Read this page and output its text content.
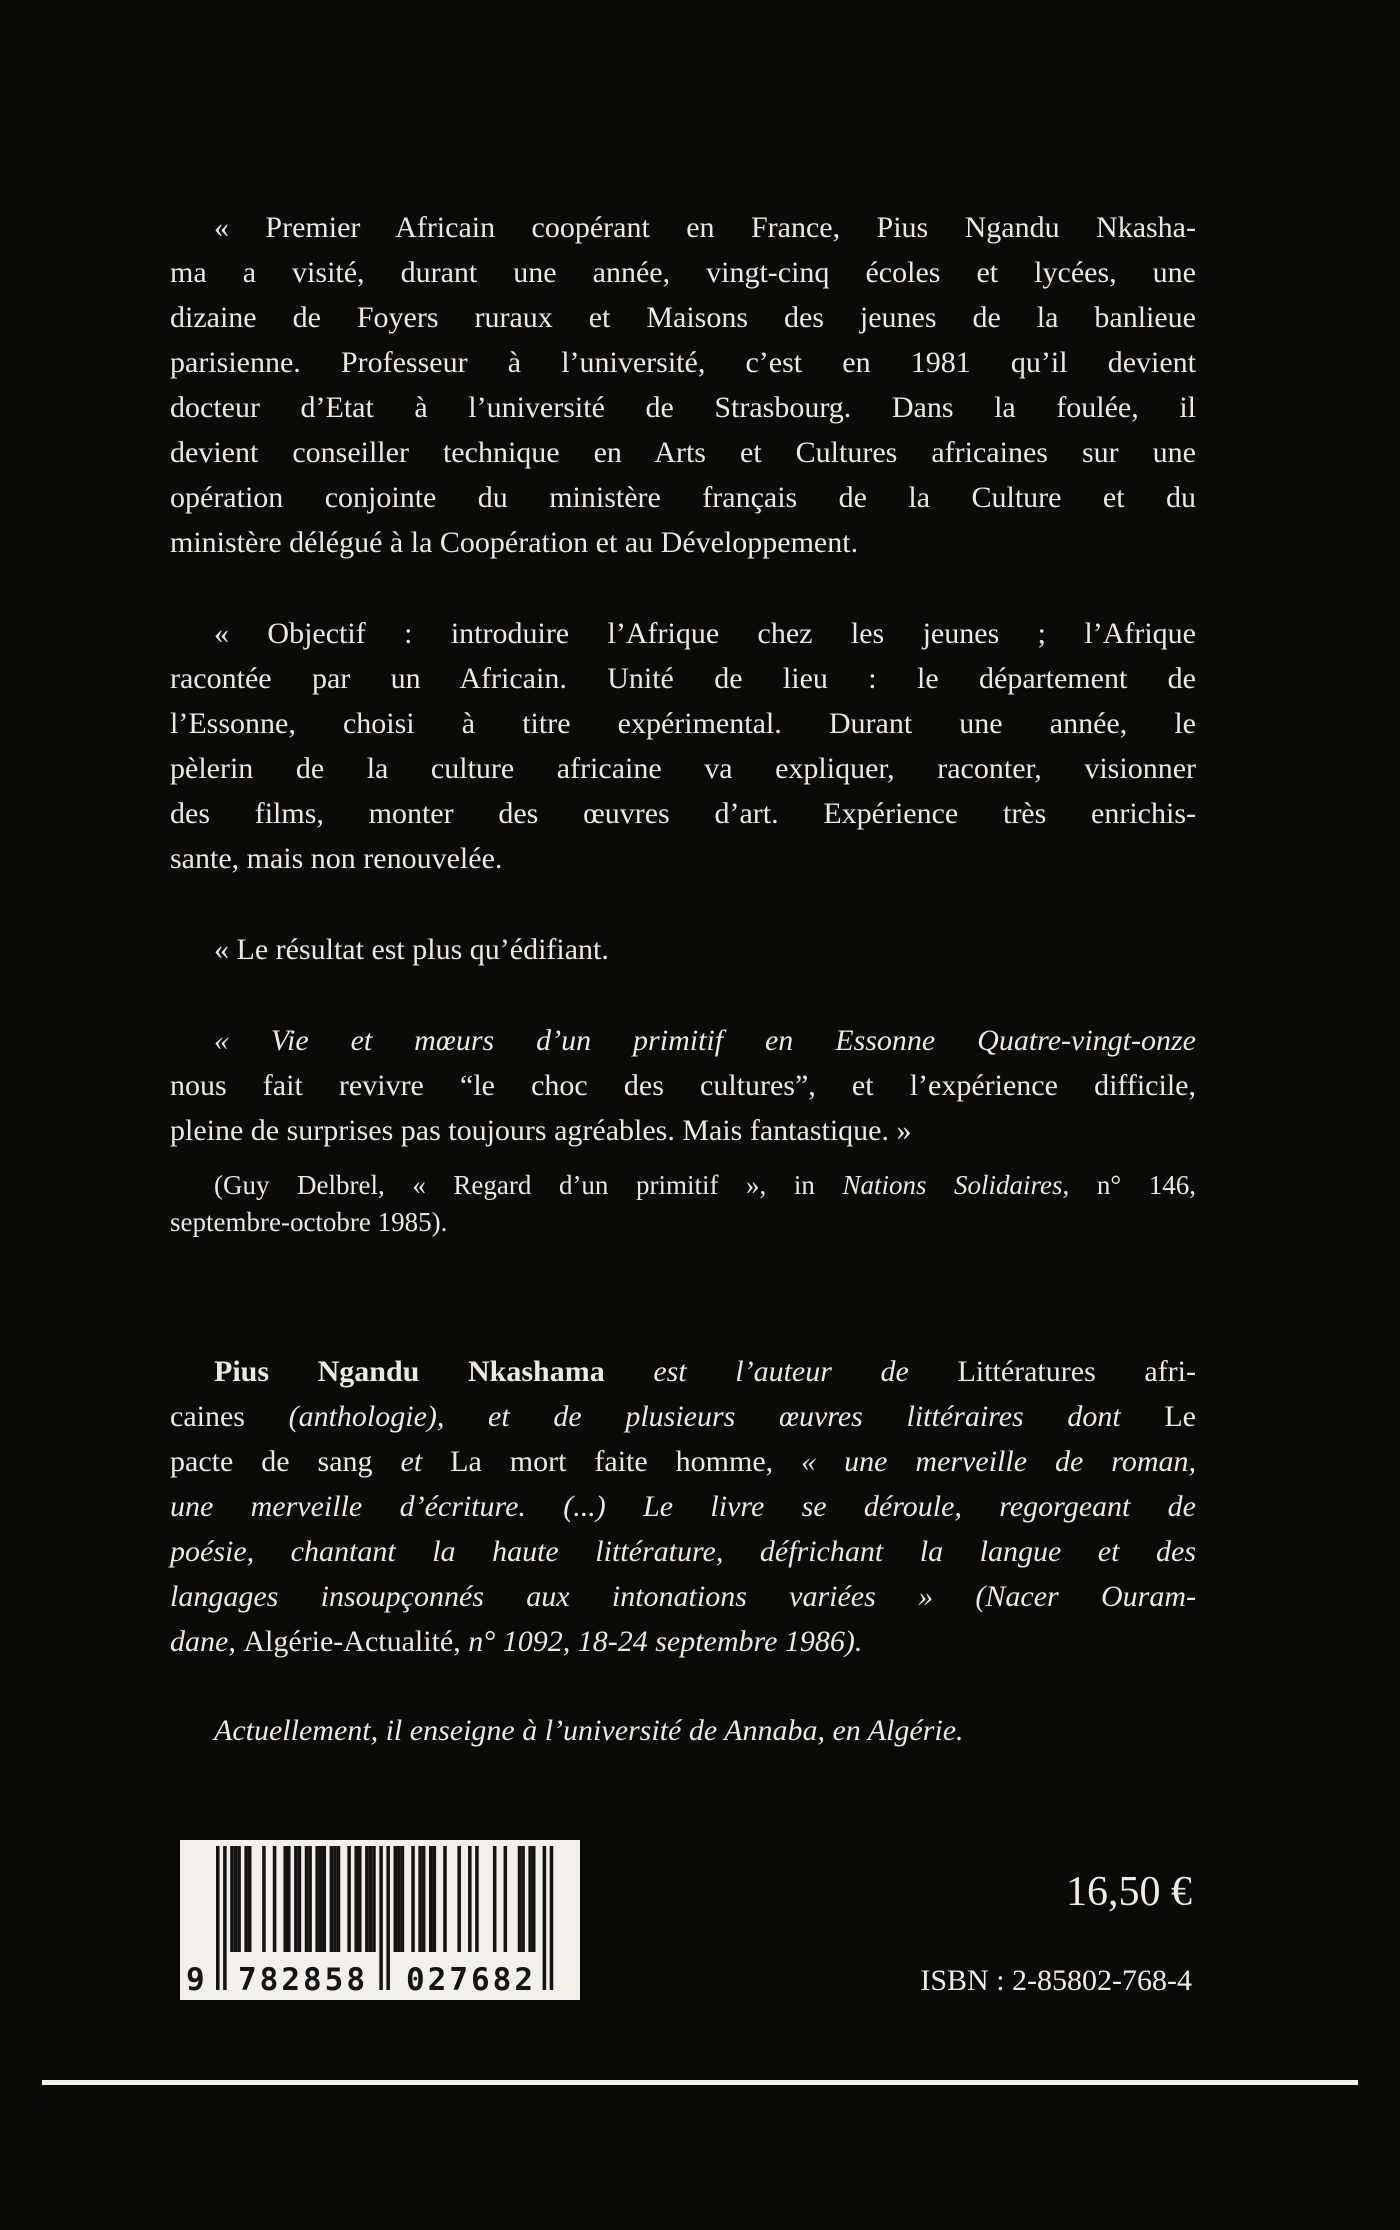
« Premier Africain coopérant en France, Pius Ngandu Nkasha-
ma a visité, durant une année, vingt-cinq écoles et lycées, une
dizaine de Foyers ruraux et Maisons des jeunes de la banlieue
parisienne. Professeur à l’université, c’est en 1981 qu’il devient
docteur d’Etat à l’université de Strasbourg. Dans la foulée, il
devient conseiller technique en Arts et Cultures africaines sur une
opération conjointe du ministère français de la Culture et du
ministère délégué à la Coopération et au Développement.
« Objectif : introduire l’Afrique chez les jeunes ; l’Afrique
racontée par un Africain. Unité de lieu : le département de
l’Essonne, choisi à titre expérimental. Durant une année, le
pèlerin de la culture africaine va expliquer, raconter, visionner
des films, monter des œuvres d’art. Expérience très enrichis-
sante, mais non renouvelée.
« Le résultat est plus qu’édifiant.
« Vie et mœurs d’un primitif en Essonne Quatre-vingt-onze
nous fait revivre “le choc des cultures”, et l’expérience difficile,
pleine de surprises pas toujours agréables. Mais fantastique. »
(Guy Delbrel, « Regard d’un primitif », in Nations Solidaires, n° 146,
septembre-octobre 1985).
Pius Ngandu Nkashama est l’auteur de Littératures afri-
caines (anthologie), et de plusieurs œuvres littéraires dont Le
pacte de sang et La mort faite homme, « une merveille de roman,
une merveille d’écriture. (...) Le livre se déroule, regorgeant de
poésie, chantant la haute littérature, défrichant la langue et des
langages insoupçonnés aux intonations variées » (Nacer Ouram-
dane, Algérie-Actualité, n° 1092, 18-24 septembre 1986).
Actuellement, il enseigne à l’université de Annaba, en Algérie.
9 782858 027682
16,50 €
ISBN : 2-85802-768-4
